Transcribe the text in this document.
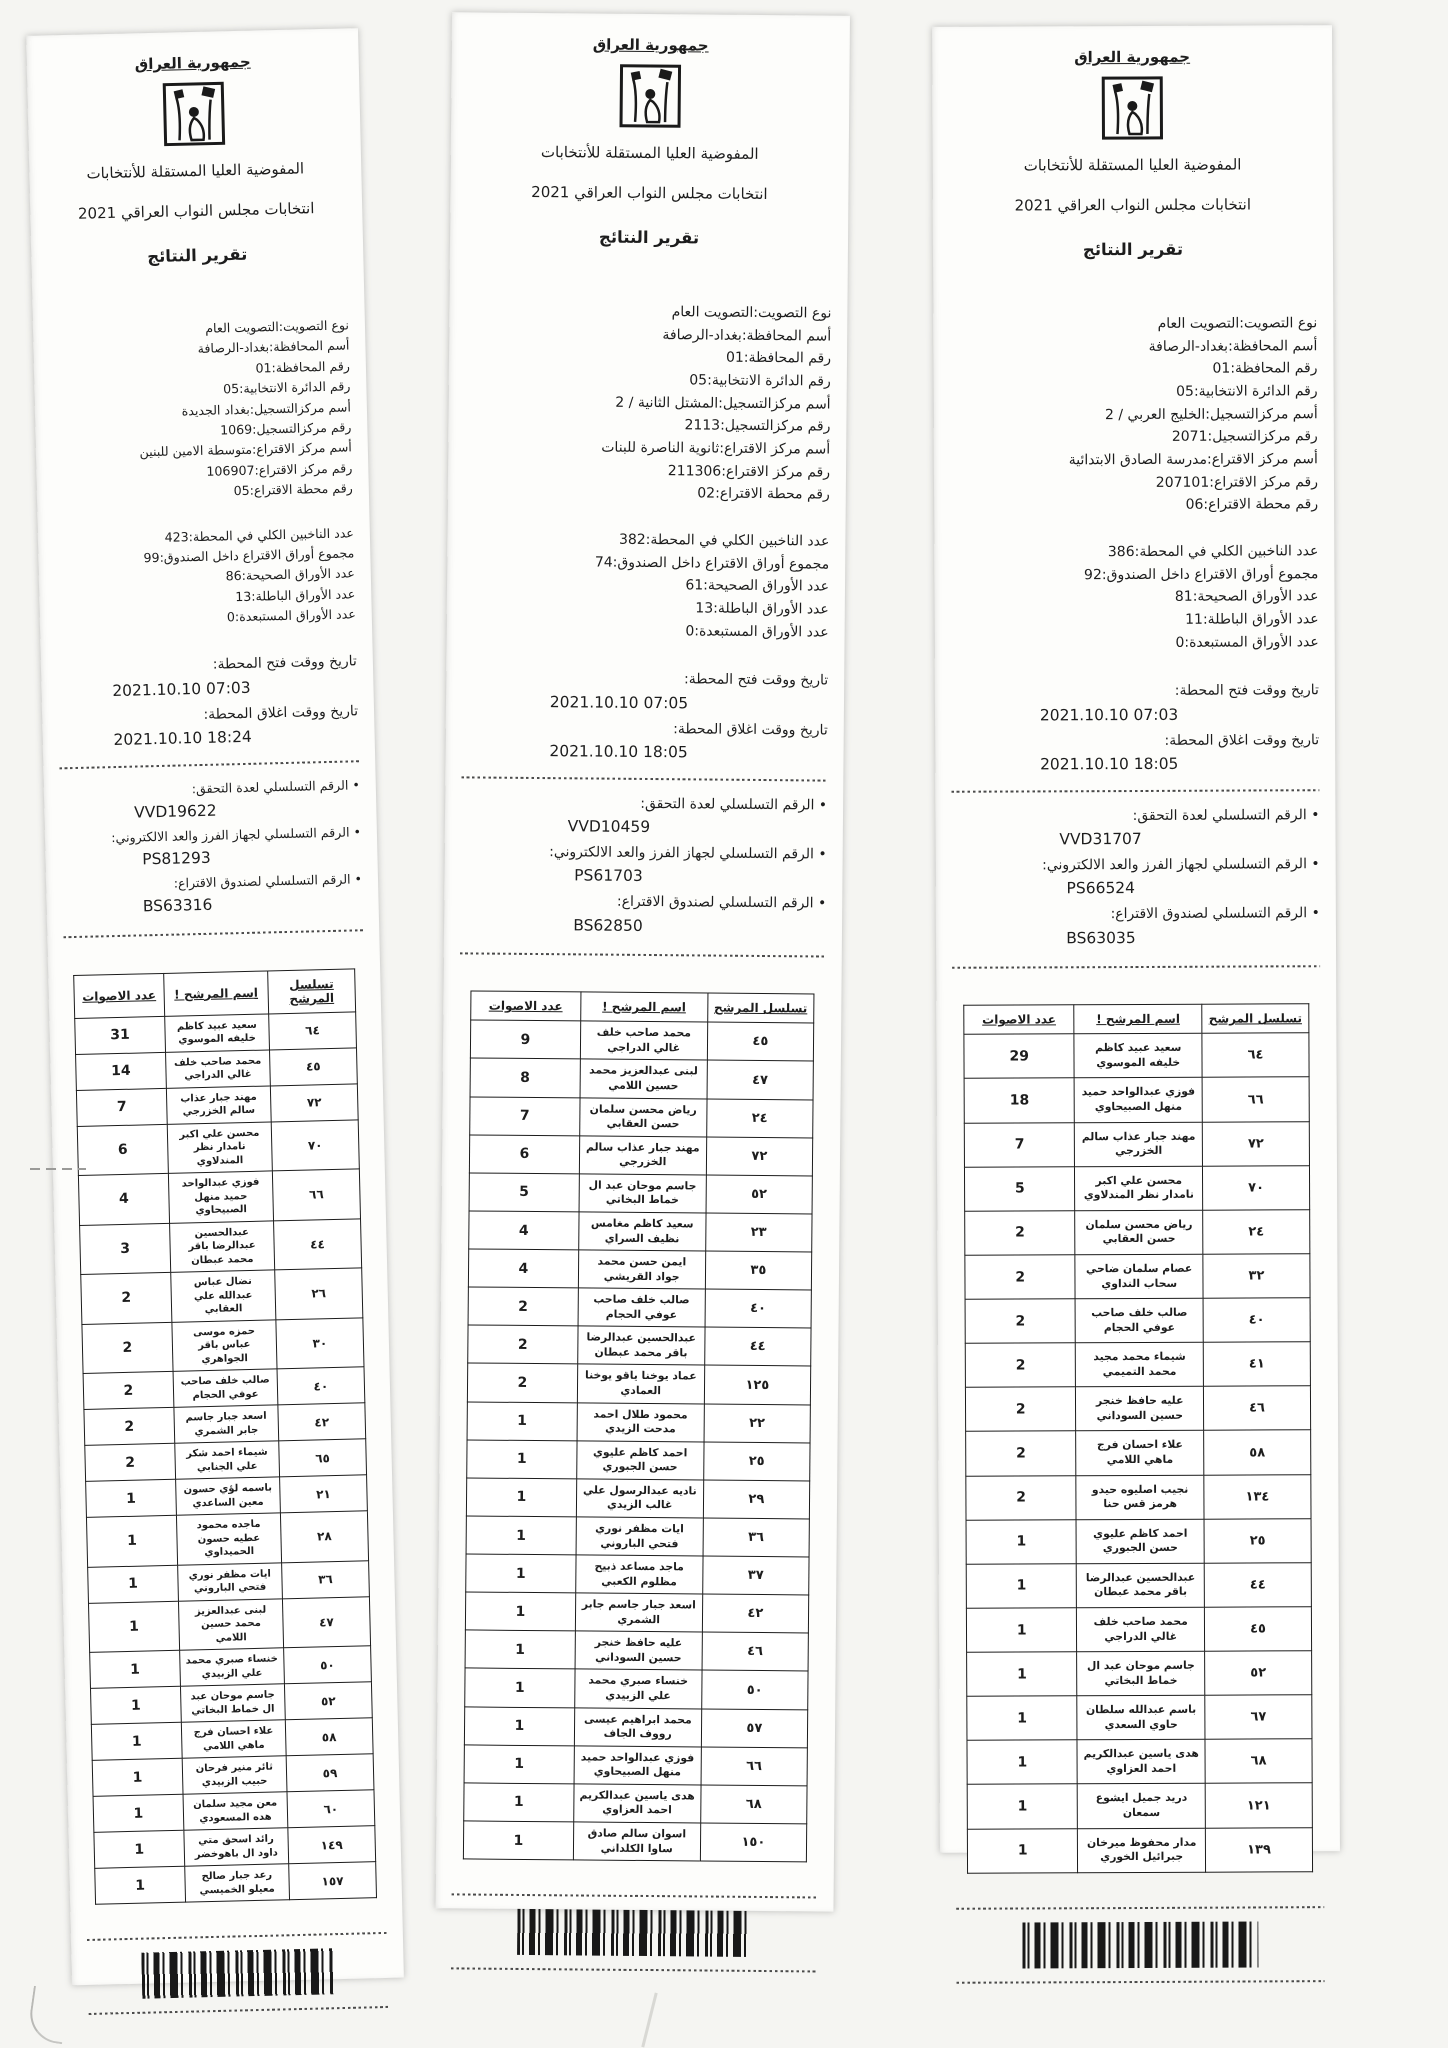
جمهورية العراق
المفوضية العليا المستقلة للأنتخابات
انتخابات مجلس النواب العراقي 2021
تقرير النتائج
نوع التصويت:التصويت العام
أسم المحافظة:بغداد-الرصافة
رقم المحافظة:01
رقم الدائرة الانتخابية:05
أسم مركزالتسجيل:بغداد الجديدة
رقم مركزالتسجيل:1069
أسم مركز الاقتراع:متوسطة الامين للبنين
رقم مركز الاقتراع:106907
رقم محطة الاقتراع:05
عدد الناخبين الكلي في المحطة:423
مجموع أوراق الاقتراع داخل الصندوق:99
عدد الأوراق الصحيحة:86
عدد الأوراق الباطلة:13
عدد الأوراق المستبعدة:0
تاريخ ووقت فتح المحطة:
2021.10.10 07:03
تاريخ ووقت اغلاق المحطة:
2021.10.10 18:24
• الرقم التسلسلي لعدة التحقق:
VVD19622
• الرقم التسلسلي لجهاز الفرز والعد الالكتروني:
PS81293
• الرقم التسلسلي لصندوق الاقتراع:
BS63316
تسلسل المرشح	اسم المرشح !	عدد الاصوات
٦٤	سعيد عبيد كاظم خليفه الموسوي	31
٤٥	محمد صاحب خلف غالي الدراجي	14
٧٢	مهند جبار عذاب سالم الخزرجي	7
٧٠	محسن علي اكبر نامدار نظر المندلاوي	6
٦٦	فوزي عبدالواحد حميد منهل الصبيحاوي	4
٤٤	عبدالحسين عبدالرضا باقر محمد عبطان	3
٢٦	نضال عباس عبدالله علي العقابي	2
٣٠	حمزه موسى عباس باقر الجواهري	2
٤٠	صالب خلف صاحب عوفي الحجام	2
٤٢	اسعد جبار جاسم جابر الشمري	2
٦٥	شيماء احمد شكر علي الجنابي	2
٢١	باسمه لؤي حسون معين الساعدي	1
٢٨	ماجده محمود عطيه حسون الحميداوي	1
٣٦	ايات مظفر نوري فتحي الباروني	1
٤٧	لبنى عبدالعزيز محمد حسين اللامي	1
٥٠	خنساء صبري محمد علي الزبيدي	1
٥٢	جاسم موحان عبد ال خماط البخاتي	1
٥٨	علاء احسان فرج ماهي اللامي	1
٥٩	ثائر منير فرحان حبيب الزبيدي	1
٦٠	معن مجيد سلمان هده المسعودي	1
١٤٩	رائد اسحق متي داود ال باهوخضر	1
١٥٧	رعد جبار صالح معيلو الخميسي	1
جمهورية العراق
المفوضية العليا المستقلة للأنتخابات
انتخابات مجلس النواب العراقي 2021
تقرير النتائج
نوع التصويت:التصويت العام
أسم المحافظة:بغداد-الرصافة
رقم المحافظة:01
رقم الدائرة الانتخابية:05
أسم مركزالتسجيل:المشتل الثانية / 2
رقم مركزالتسجيل:2113
أسم مركز الاقتراع:ثانوية الناصرة للبنات
رقم مركز الاقتراع:211306
رقم محطة الاقتراع:02
عدد الناخبين الكلي في المحطة:382
مجموع أوراق الاقتراع داخل الصندوق:74
عدد الأوراق الصحيحة:61
عدد الأوراق الباطلة:13
عدد الأوراق المستبعدة:0
تاريخ ووقت فتح المحطة:
2021.10.10 07:05
تاريخ ووقت اغلاق المحطة:
2021.10.10 18:05
• الرقم التسلسلي لعدة التحقق:
VVD10459
• الرقم التسلسلي لجهاز الفرز والعد الالكتروني:
PS61703
• الرقم التسلسلي لصندوق الاقتراع:
BS62850
تسلسل المرشح	اسم المرشح !	عدد الاصوات
٤٥	محمد صاحب خلف غالي الدراجي	9
٤٧	لبنى عبدالعزيز محمد حسين اللامي	8
٢٤	رياض محسن سلمان حسن العقابي	7
٧٢	مهند جبار عذاب سالم الخزرجي	6
٥٢	جاسم موحان عبد ال خماط البخاتي	5
٢٣	سعيد كاظم مغامس نظيف السراي	4
٣٥	ايمن حسن محمد جواد القريشي	4
٤٠	صالب خلف صاحب عوفي الحجام	2
٤٤	عبدالحسين عبدالرضا باقر محمد عبطان	2
١٢٥	عماد يوخنا ياقو يوخنا العمادي	2
٢٢	محمود طلال احمد مدحت الزيدي	1
٢٥	احمد كاظم عليوي حسن الجبوري	1
٢٩	ناديه عبدالرسول علي غالب الزيدي	1
٣٦	ايات مظفر نوري فتحي الباروني	1
٣٧	ماجد مساعد ذبيح مظلوم الكعبي	1
٤٢	اسعد جبار جاسم جابر الشمري	1
٤٦	عليه حافظ خنجر حسين السوداني	1
٥٠	خنساء صبري محمد علي الزبيدي	1
٥٧	محمد ابراهيم عيسى رووف الجاف	1
٦٦	فوزي عبدالواحد حميد منهل الصبيحاوي	1
٦٨	هدى ياسين عبدالكريم احمد العزاوي	1
١٥٠	اسوان سالم صادق ساوا الكلداني	1
جمهورية العراق
المفوضية العليا المستقلة للأنتخابات
انتخابات مجلس النواب العراقي 2021
تقرير النتائج
نوع التصويت:التصويت العام
أسم المحافظة:بغداد-الرصافة
رقم المحافظة:01
رقم الدائرة الانتخابية:05
أسم مركزالتسجيل:الخليج العربي / 2
رقم مركزالتسجيل:2071
أسم مركز الاقتراع:مدرسة الصادق الابتدائية
رقم مركز الاقتراع:207101
رقم محطة الاقتراع:06
عدد الناخبين الكلي في المحطة:386
مجموع أوراق الاقتراع داخل الصندوق:92
عدد الأوراق الصحيحة:81
عدد الأوراق الباطلة:11
عدد الأوراق المستبعدة:0
تاريخ ووقت فتح المحطة:
2021.10.10 07:03
تاريخ ووقت اغلاق المحطة:
2021.10.10 18:05
• الرقم التسلسلي لعدة التحقق:
VVD31707
• الرقم التسلسلي لجهاز الفرز والعد الالكتروني:
PS66524
• الرقم التسلسلي لصندوق الاقتراع:
BS63035
تسلسل المرشح	اسم المرشح !	عدد الاصوات
٦٤	سعيد عبيد كاظم خليفه الموسوي	29
٦٦	فوزي عبدالواحد حميد منهل الصبيحاوي	18
٧٢	مهند جبار عذاب سالم الخزرجي	7
٧٠	محسن علي اكبر نامدار نظر المندلاوي	5
٢٤	رياض محسن سلمان حسن العقابي	2
٣٢	عصام سلمان ضاحي سحاب النداوي	2
٤٠	صالب خلف صاحب عوفي الحجام	2
٤١	شيماء محمد مجيد محمد التميمي	2
٤٦	عليه حافظ خنجر حسين السوداني	2
٥٨	علاء احسان فرج ماهي اللامي	2
١٣٤	نجيب اصليوه حيدو هرمز قس حنا	2
٢٥	احمد كاظم عليوي حسن الجبوري	1
٤٤	عبدالحسين عبدالرضا باقر محمد عبطان	1
٤٥	محمد صاحب خلف غالي الدراجي	1
٥٢	جاسم موحان عبد ال خماط البخاتي	1
٦٧	باسم عبدالله سلطان حاوي السعدي	1
٦٨	هدى ياسين عبدالكريم احمد العزاوي	1
١٢١	دريد جميل ايشوع سمعان	1
١٣٩	مدار محفوظ ميرخان جبرائيل الخوري	1
